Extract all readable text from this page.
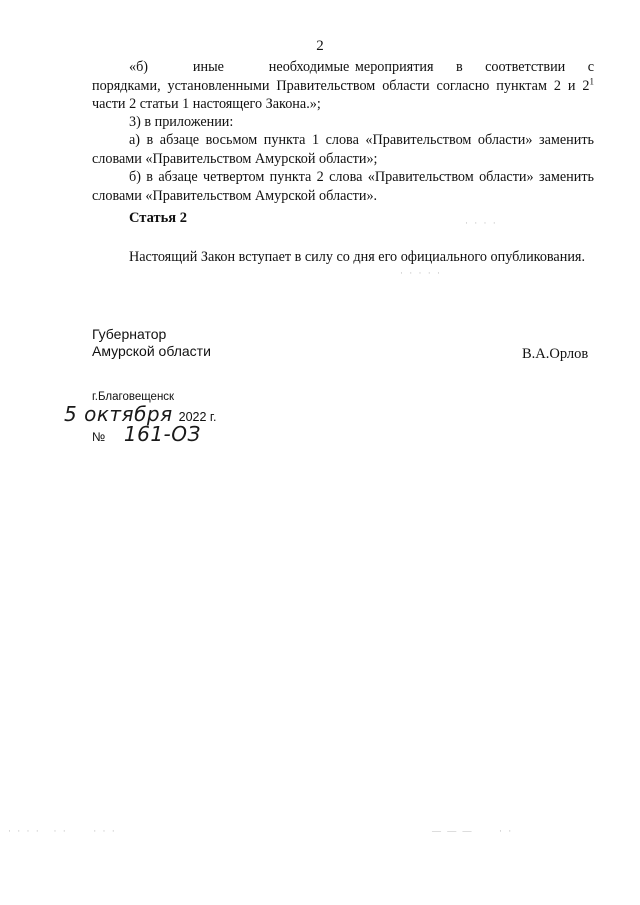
2

«б)        иные        необходимые мероприятия    в    соответствии    с порядками, установленными Правительством области согласно пунктам 2 и $2^1$ части 2 статьи 1 настоящего Закона.»;

3) в приложении:

а) в абзаце восьмом пункта 1 слова «Правительством области» заменить словами «Правительством Амурской области»;

б) в абзаце четвертом пункта 2 слова «Правительством области» заменить словами «Правительством Амурской области».

Статья 2

Настоящий Закон вступает в силу со дня его официального опубликования.

Губернатор
Амурской области	В.А.Орлов
г.Благовещенск
5 октября 2022 г.
№ 161-ОЗ
· · · ·
· · · · ·
· · · ·   · ·      · · ·	— — —      · ·
